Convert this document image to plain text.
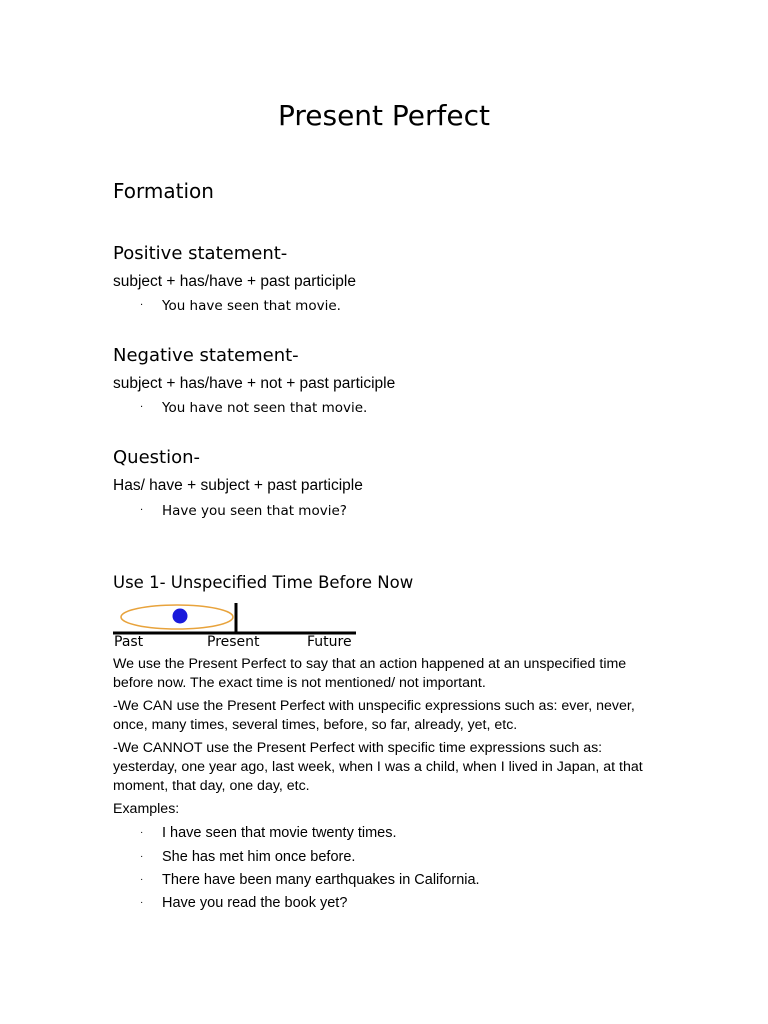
Present Perfect
Formation
Positive statement-
subject + has/have + past participle
· You have seen that movie.
Negative statement-
subject + has/have + not + past participle
· You have not seen that movie.
Question-
Has/ have + subject + past participle
· Have you seen that movie?
Use 1- Unspecified Time Before Now
Past	Present	Future
We use the Present Perfect to say that an action happened at an unspecified time before now. The exact time is not mentioned/ not important.
-We CAN use the Present Perfect with unspecific expressions such as: ever, never, once, many times, several times, before, so far, already, yet, etc.
-We CANNOT use the Present Perfect with specific time expressions such as: yesterday, one year ago, last week, when I was a child, when I lived in Japan, at that moment, that day, one day, etc.
Examples:
· I have seen that movie twenty times.
· She has met him once before.
· There have been many earthquakes in California.
· Have you read the book yet?
